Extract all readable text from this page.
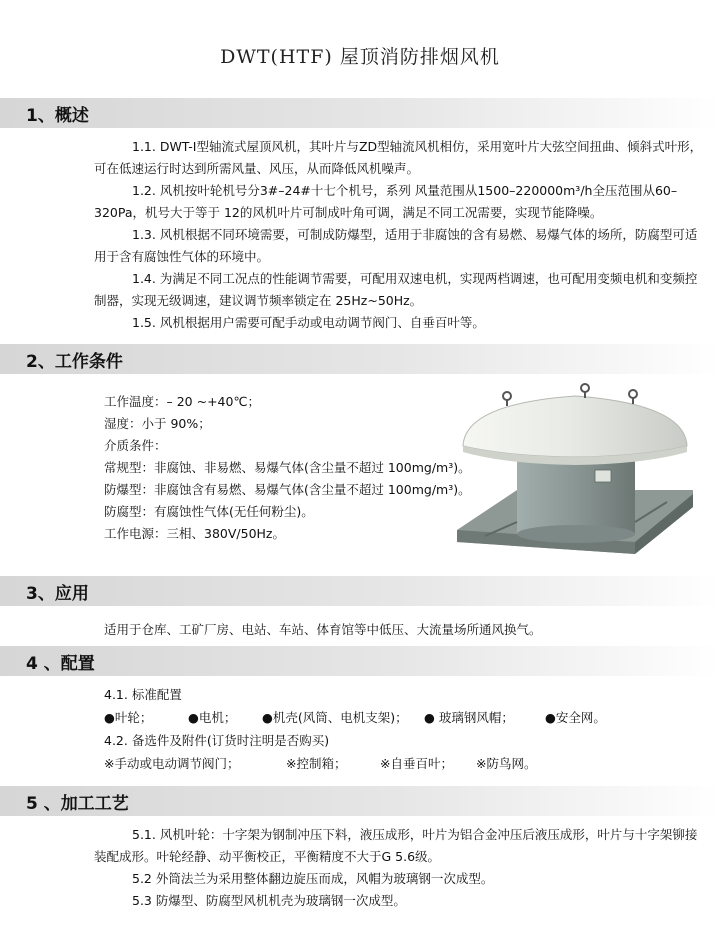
DWT(HTF) 屋顶消防排烟风机
1、概述
1.1. DWT-I型轴流式屋顶风机，其叶片与ZD型轴流风机相仿，采用宽叶片大弦空间扭曲、倾斜式叶形，可在低速运行时达到所需风量、风压，从而降低风机噪声。
1.2. 风机按叶轮机号分3#–24#十七个机号，系列 风量范围从1500–220000m³/h全压范围从60–320Pa，机号大于等于 12的风机叶片可制成叶角可调，满足不同工况需要，实现节能降噪。
1.3. 风机根据不同环境需要，可制成防爆型，适用于非腐蚀的含有易燃、易爆气体的场所，防腐型可适用于含有腐蚀性气体的环境中。
1.4. 为满足不同工况点的性能调节需要，可配用双速电机，实现两档调速，也可配用变频电机和变频控制器，实现无级调速，建议调节频率锁定在 25Hz~50Hz。
1.5. 风机根据用户需要可配手动或电动调节阀门、自垂百叶等。
2、工作条件
工作温度：– 20 ~+40℃；
湿度：小于 90%；
介质条件：
常规型：非腐蚀、非易燃、易爆气体(含尘量不超过 100mg/m³)。
防爆型：非腐蚀含有易燃、易爆气体(含尘量不超过 100mg/m³)。
防腐型：有腐蚀性气体(无任何粉尘)。
工作电源：三相、380V/50Hz。
3、应用
适用于仓库、工矿厂房、电站、车站、体育馆等中低压、大流量场所通风换气。
4 、配置
4.1. 标准配置
●叶轮；	●电机； ●机壳(风筒、电机支架)； ● 玻璃钢风帽； ●安全网。
4.2. 备选件及附件(订货时注明是否购买)
※手动或电动调节阀门；	※控制箱；	※自垂百叶； ※防鸟网。
5 、加工工艺
5.1. 风机叶轮：十字架为钢制冲压下料，液压成形，叶片为铝合金冲压后液压成形，叶片与十字架铆接装配成形。叶轮经静、动平衡校正，平衡精度不大于G 5.6级。
5.2 外筒法兰为采用整体翻边旋压而成，风帽为玻璃钢一次成型。
5.3 防爆型、防腐型风机机壳为玻璃钢一次成型。
